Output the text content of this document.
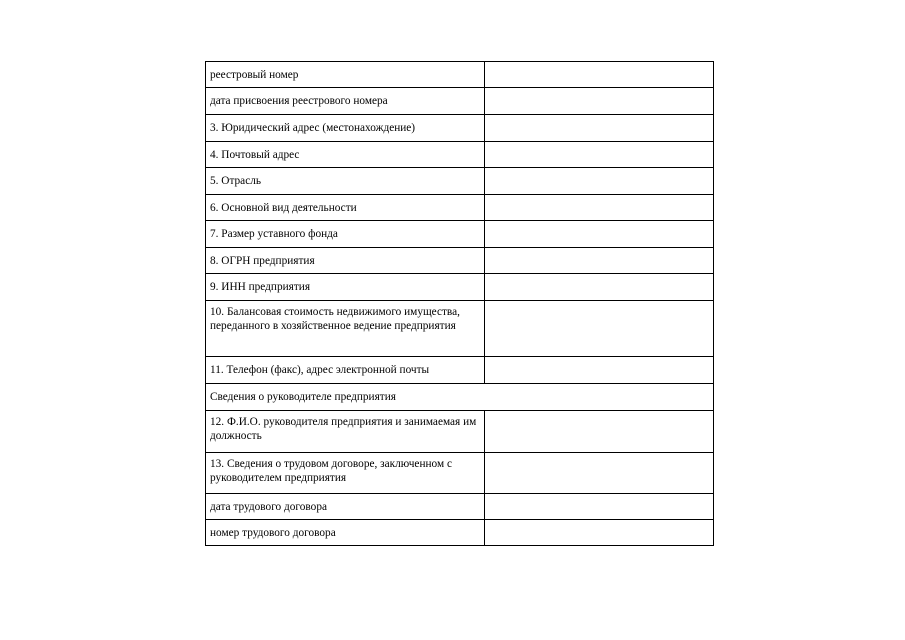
реестровый номер	
дата присвоения реестрового номера	
3. Юридический адрес (местонахождение)	
4. Почтовый адрес	
5. Отрасль	
6. Основной вид деятельности	
7. Размер уставного фонда	
8. ОГРН предприятия	
9. ИНН предприятия	
10. Балансовая стоимость недвижимого имущества, переданного в хозяйственное ведение предприятия	
11. Телефон (факс), адрес электронной почты	
Сведения о руководителе предприятия	
12. Ф.И.О. руководителя предприятия и занимаемая им должность	
13. Сведения о трудовом договоре, заключенном с руководителем предприятия	
дата трудового договора	
номер трудового договора	
